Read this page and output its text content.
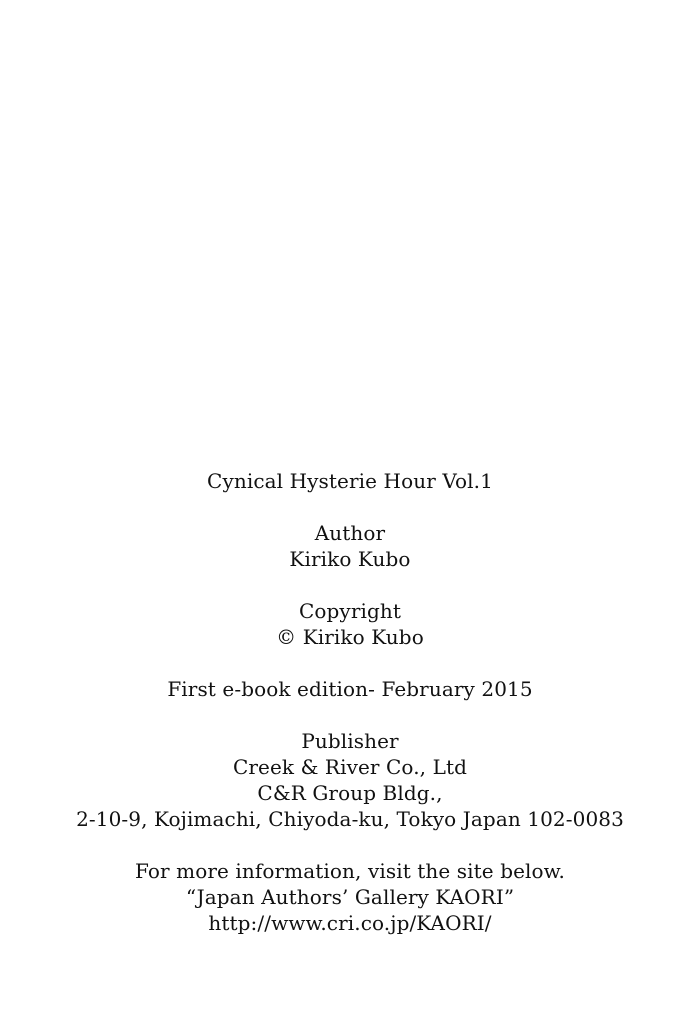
Cynical Hysterie Hour Vol.1
Author
Kiriko Kubo
Copyright
© Kiriko Kubo
First e-book edition- February 2015
Publisher
Creek & River Co., Ltd
C&R Group Bldg.,
2-10-9, Kojimachi, Chiyoda-ku, Tokyo Japan 102-0083
For more information, visit the site below.
“Japan Authors’ Gallery KAORI”
http://www.cri.co.jp/KAORI/
